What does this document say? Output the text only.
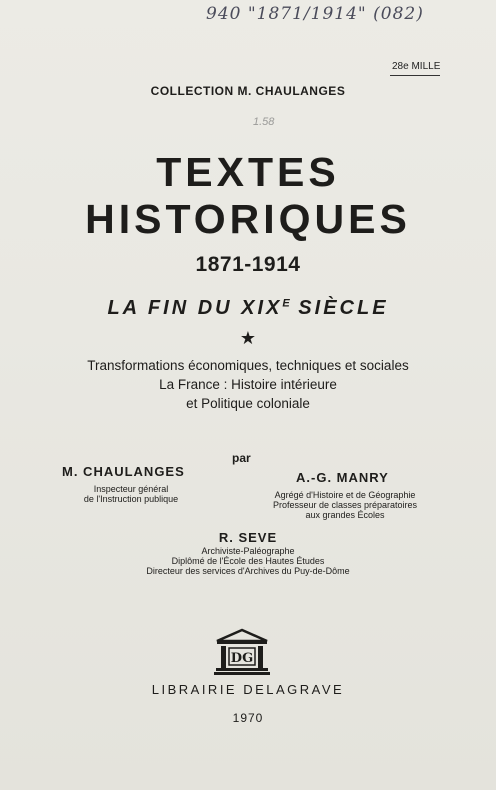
940 "1871/1914" (082)
28e MILLE
COLLECTION M. CHAULANGES
1.58
TEXTES
HISTORIQUES
1871-1914
LA FIN DU $XIX^E$ SIÈCLE
★
Transformations économiques, techniques et sociales
La France : Histoire intérieure
et Politique coloniale
par
M. CHAULANGES
Inspecteur général
de l'Instruction publique
A.-G. MANRY
Agrégé d'Histoire et de Géographie
Professeur de classes préparatoires
aux grandes Écoles
R. SEVE
Archiviste-Paléographe
Diplômé de l'École des Hautes Études
Directeur des services d'Archives du Puy-de-Dôme
DG
LIBRAIRIE DELAGRAVE
1970
